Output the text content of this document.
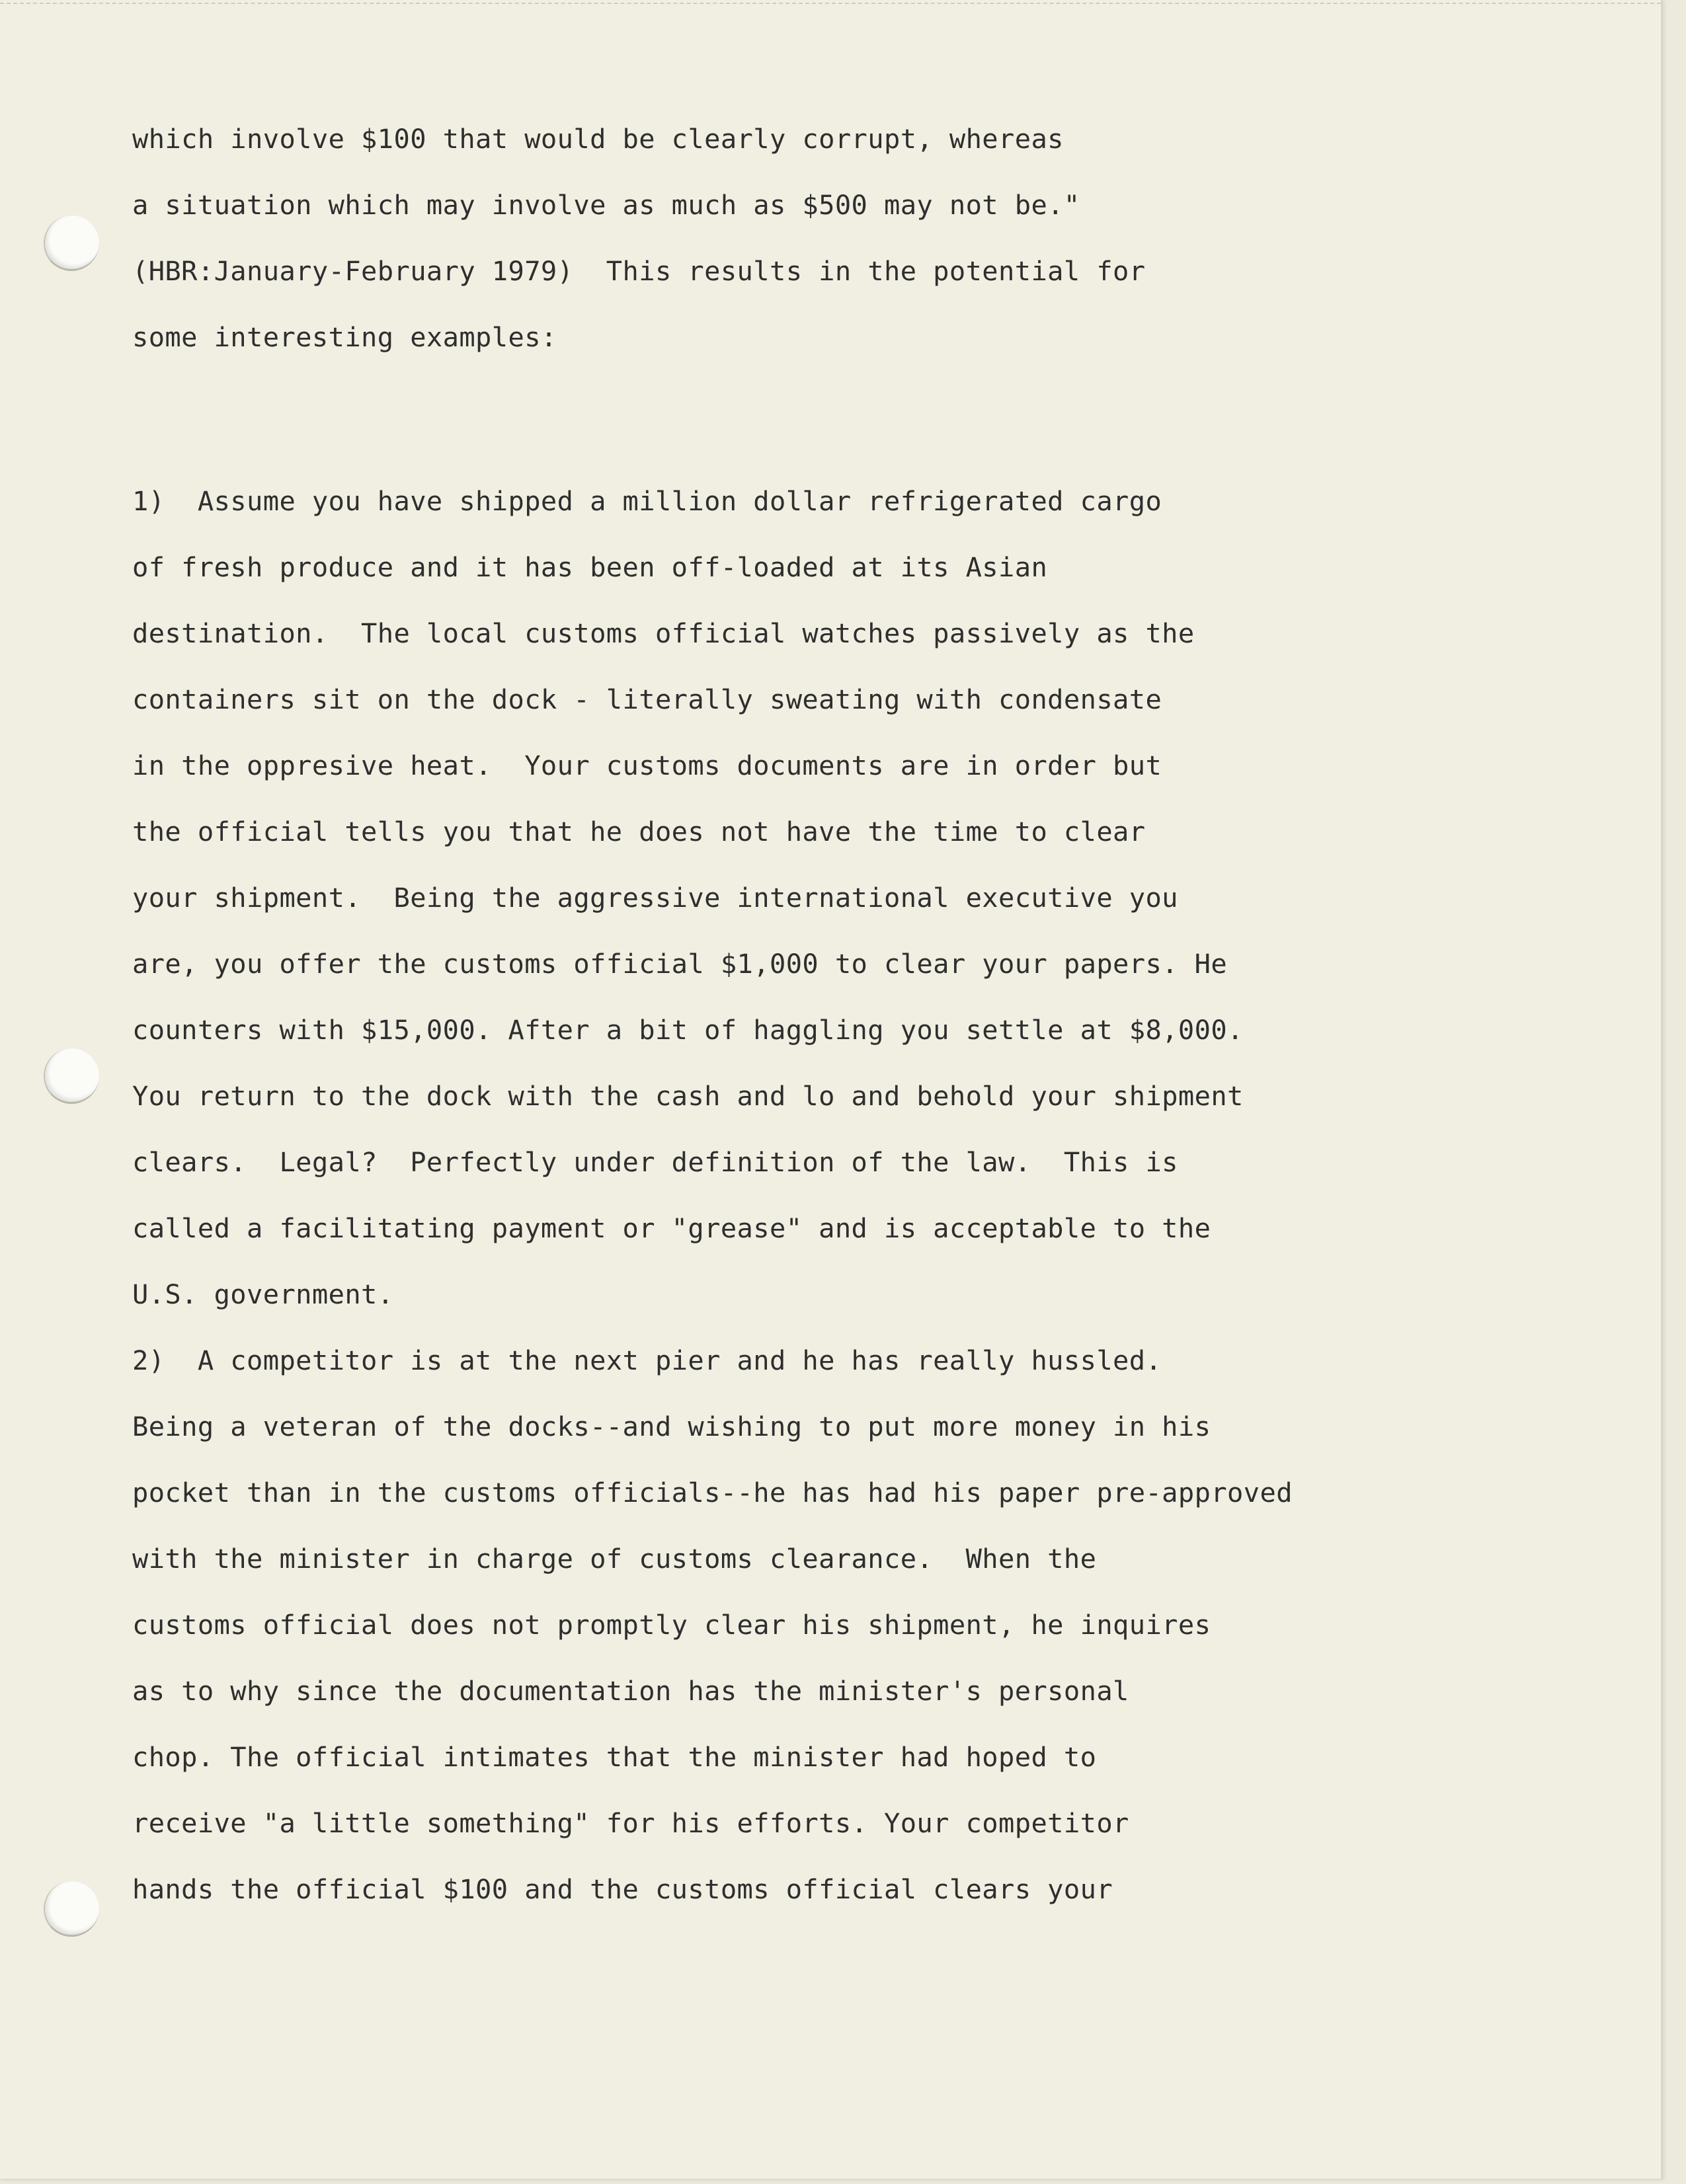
which involve $100 that would be clearly corrupt, whereas

a situation which may involve as much as $500 may not be."

(HBR:January-February 1979)  This results in the potential for

some interesting examples:

1)  Assume you have shipped a million dollar refrigerated cargo

of fresh produce and it has been off-loaded at its Asian

destination.  The local customs official watches passively as the

containers sit on the dock - literally sweating with condensate

in the oppresive heat.  Your customs documents are in order but

the official tells you that he does not have the time to clear

your shipment.  Being the aggressive international executive you

are, you offer the customs official $1,000 to clear your papers. He

counters with $15,000. After a bit of haggling you settle at $8,000.

You return to the dock with the cash and lo and behold your shipment

clears.  Legal?  Perfectly under definition of the law.  This is

called a facilitating payment or "grease" and is acceptable to the

U.S. government.

2)  A competitor is at the next pier and he has really hussled.

Being a veteran of the docks--and wishing to put more money in his

pocket than in the customs officials--he has had his paper pre-approved

with the minister in charge of customs clearance.  When the

customs official does not promptly clear his shipment, he inquires

as to why since the documentation has the minister's personal

chop. The official intimates that the minister had hoped to

receive "a little something" for his efforts. Your competitor

hands the official $100 and the customs official clears your
